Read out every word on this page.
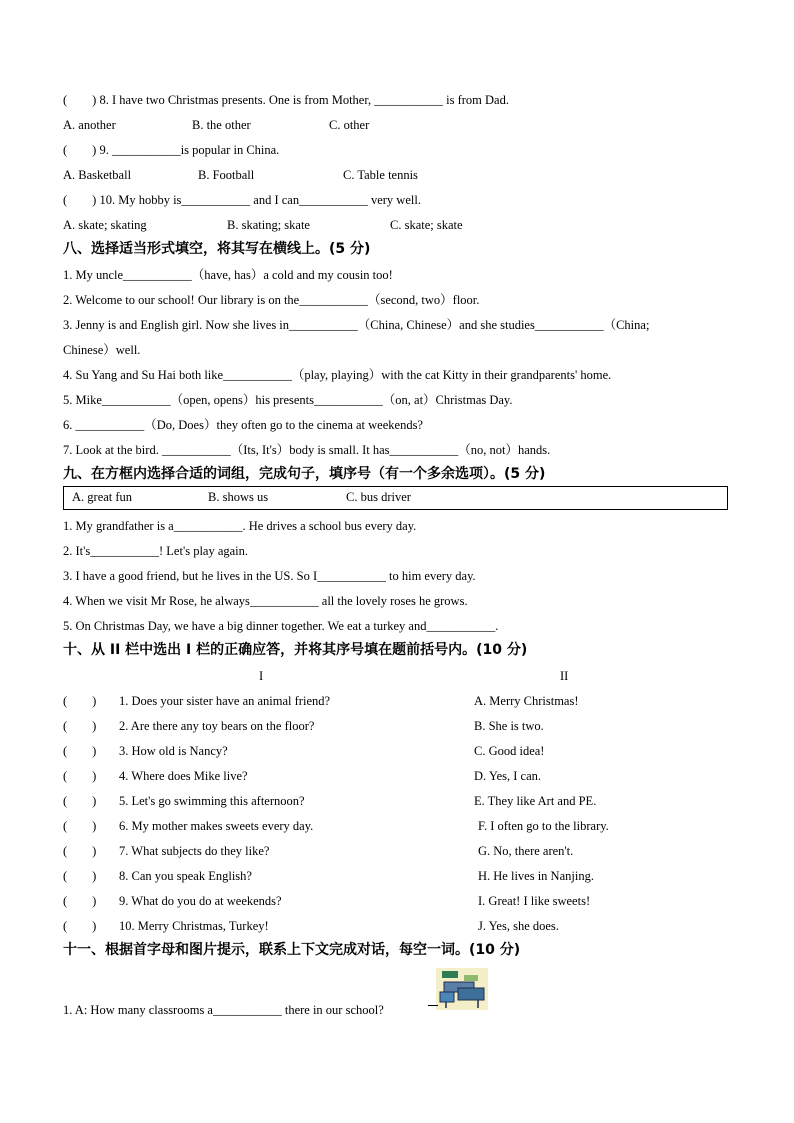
(　　) 8. I have two Christmas presents. One is from Mother, ___________ is from Dad.
A. another	B. the other	C. other
(　　) 9. ___________is popular in China.
A. Basketball	B. Football	C. Table tennis
(　　) 10. My hobby is___________ and I can___________ very well.
A. skate; skating	B. skating; skate	C. skate; skate
八、选择适当形式填空，将其写在横线上。(5 分)
1. My uncle___________（have, has）a cold and my cousin too!
2. Welcome to our school! Our library is on the___________（second, two）floor.
3. Jenny is and English girl. Now she lives in___________（China, Chinese）and she studies___________（China;
Chinese）well.
4. Su Yang and Su Hai both like___________（play, playing）with the cat Kitty in their grandparents' home.
5. Mike___________（open, opens）his presents___________（on, at）Christmas Day.
6. ___________（Do, Does）they often go to the cinema at weekends?
7. Look at the bird. ___________（Its, It's）body is small. It has___________（no, not）hands.
九、在方框内选择合适的词组，完成句子，填序号（有一个多余选项）。(5 分)
A. great fun	B. shows us	C. bus driver
1. My grandfather is a___________. He drives a school bus every day.
2. It's___________! Let's play again.
3. I have a good friend, but he lives in the US. So I___________ to him every day.
4. When we visit Mr Rose, he always___________ all the lovely roses he grows.
5. On Christmas Day, we have a big dinner together. We eat a turkey and___________.
十、从 II 栏中选出 I 栏的正确应答，并将其序号填在题前括号内。(10 分)
I	II
(　　) 1. Does your sister have an animal friend?	A. Merry Christmas!
(　　) 2. Are there any toy bears on the floor?	B. She is two.
(　　) 3. How old is Nancy?	C. Good idea!
(　　) 4. Where does Mike live?	D. Yes, I can.
(　　) 5. Let's go swimming this afternoon?	E. They like Art and PE.
(　　) 6. My mother makes sweets every day.	F. I often go to the library.
(　　) 7. What subjects do they like?	G. No, there aren't.
(　　) 8. Can you speak English?	H. He lives in Nanjing.
(　　) 9. What do you do at weekends?	I. Great! I like sweets!
(　　) 10. Merry Christmas, Turkey!	J. Yes, she does.
十一、根据首字母和图片提示，联系上下文完成对话，每空一词。(10 分)
1. A: How many classrooms a___________ there in our school?
